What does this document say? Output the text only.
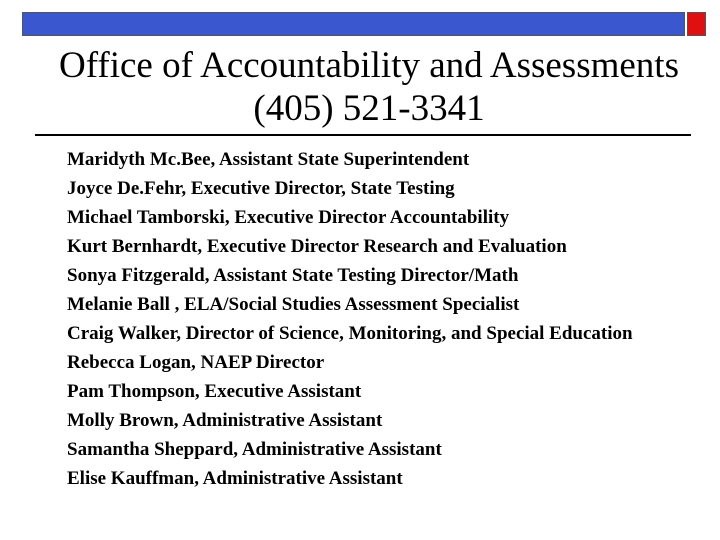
Office of Accountability and Assessments
(405) 521-3341
Maridyth Mc.Bee, Assistant State Superintendent
Joyce De.Fehr, Executive Director, State Testing
Michael Tamborski, Executive Director Accountability
Kurt Bernhardt, Executive Director Research and Evaluation
Sonya Fitzgerald, Assistant State Testing Director/Math
Melanie Ball , ELA/Social Studies Assessment Specialist
Craig Walker, Director of Science, Monitoring, and Special Education
Rebecca Logan, NAEP Director
Pam Thompson, Executive Assistant
Molly Brown, Administrative Assistant
Samantha Sheppard, Administrative Assistant
Elise Kauffman, Administrative Assistant
